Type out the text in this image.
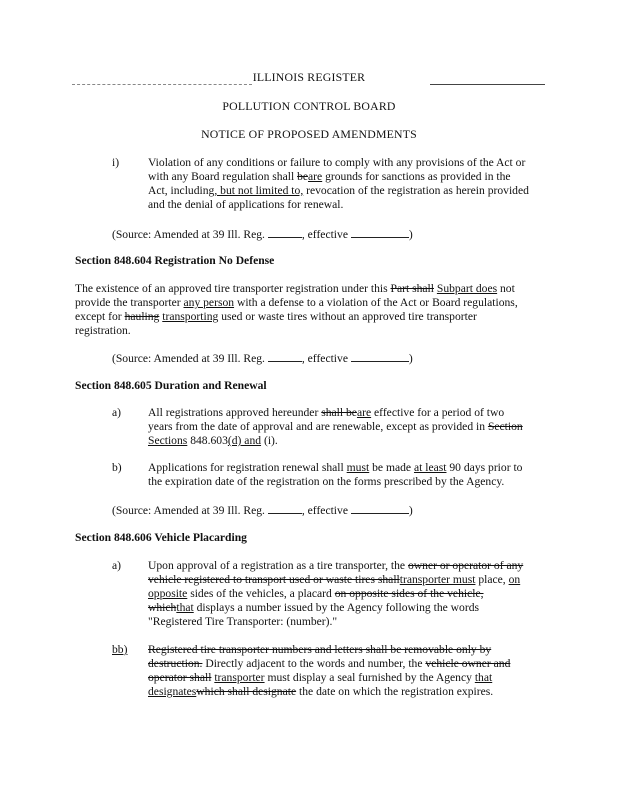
ILLINOIS REGISTER
POLLUTION CONTROL BOARD
NOTICE OF PROPOSED AMENDMENTS
i) Violation of any conditions or failure to comply with any provisions of the Act or
with any Board regulation shall beare grounds for sanctions as provided in the
Act, including, but not limited to, revocation of the registration as herein provided
and the denial of applications for renewal.
(Source: Amended at 39 Ill. Reg.	, effective	)
Section 848.604 Registration No Defense
The existence of an approved tire transporter registration under this Part shall Subpart does not
provide the transporter any person with a defense to a violation of the Act or Board regulations,
except for hauling transporting used or waste tires without an approved tire transporter
registration.
(Source: Amended at 39 Ill. Reg.	, effective	)
Section 848.605 Duration and Renewal
a) All registrations approved hereunder shall beare effective for a period of two
years from the date of approval and are renewable, except as provided in Section
Sections 848.603(d) and (i).
b) Applications for registration renewal shall must be made at least 90 days prior to
the expiration date of the registration on the forms prescribed by the Agency.
(Source: Amended at 39 Ill. Reg.	, effective	)
Section 848.606 Vehicle Placarding
a) Upon approval of a registration as a tire transporter, the owner or operator of any
vehicle registered to transport used or waste tires shalltransporter must place, on
opposite sides of the vehicles, a placard on opposite sides of the vehicle,
whichthat displays a number issued by the Agency following the words
"Registered Tire Transporter: (number)."
bb) Registered tire transporter numbers and letters shall be removable only by
destruction. Directly adjacent to the words and number, the vehicle owner and
operator shall transporter must display a seal furnished by the Agency that
designateswhich shall designate the date on which the registration expires.
